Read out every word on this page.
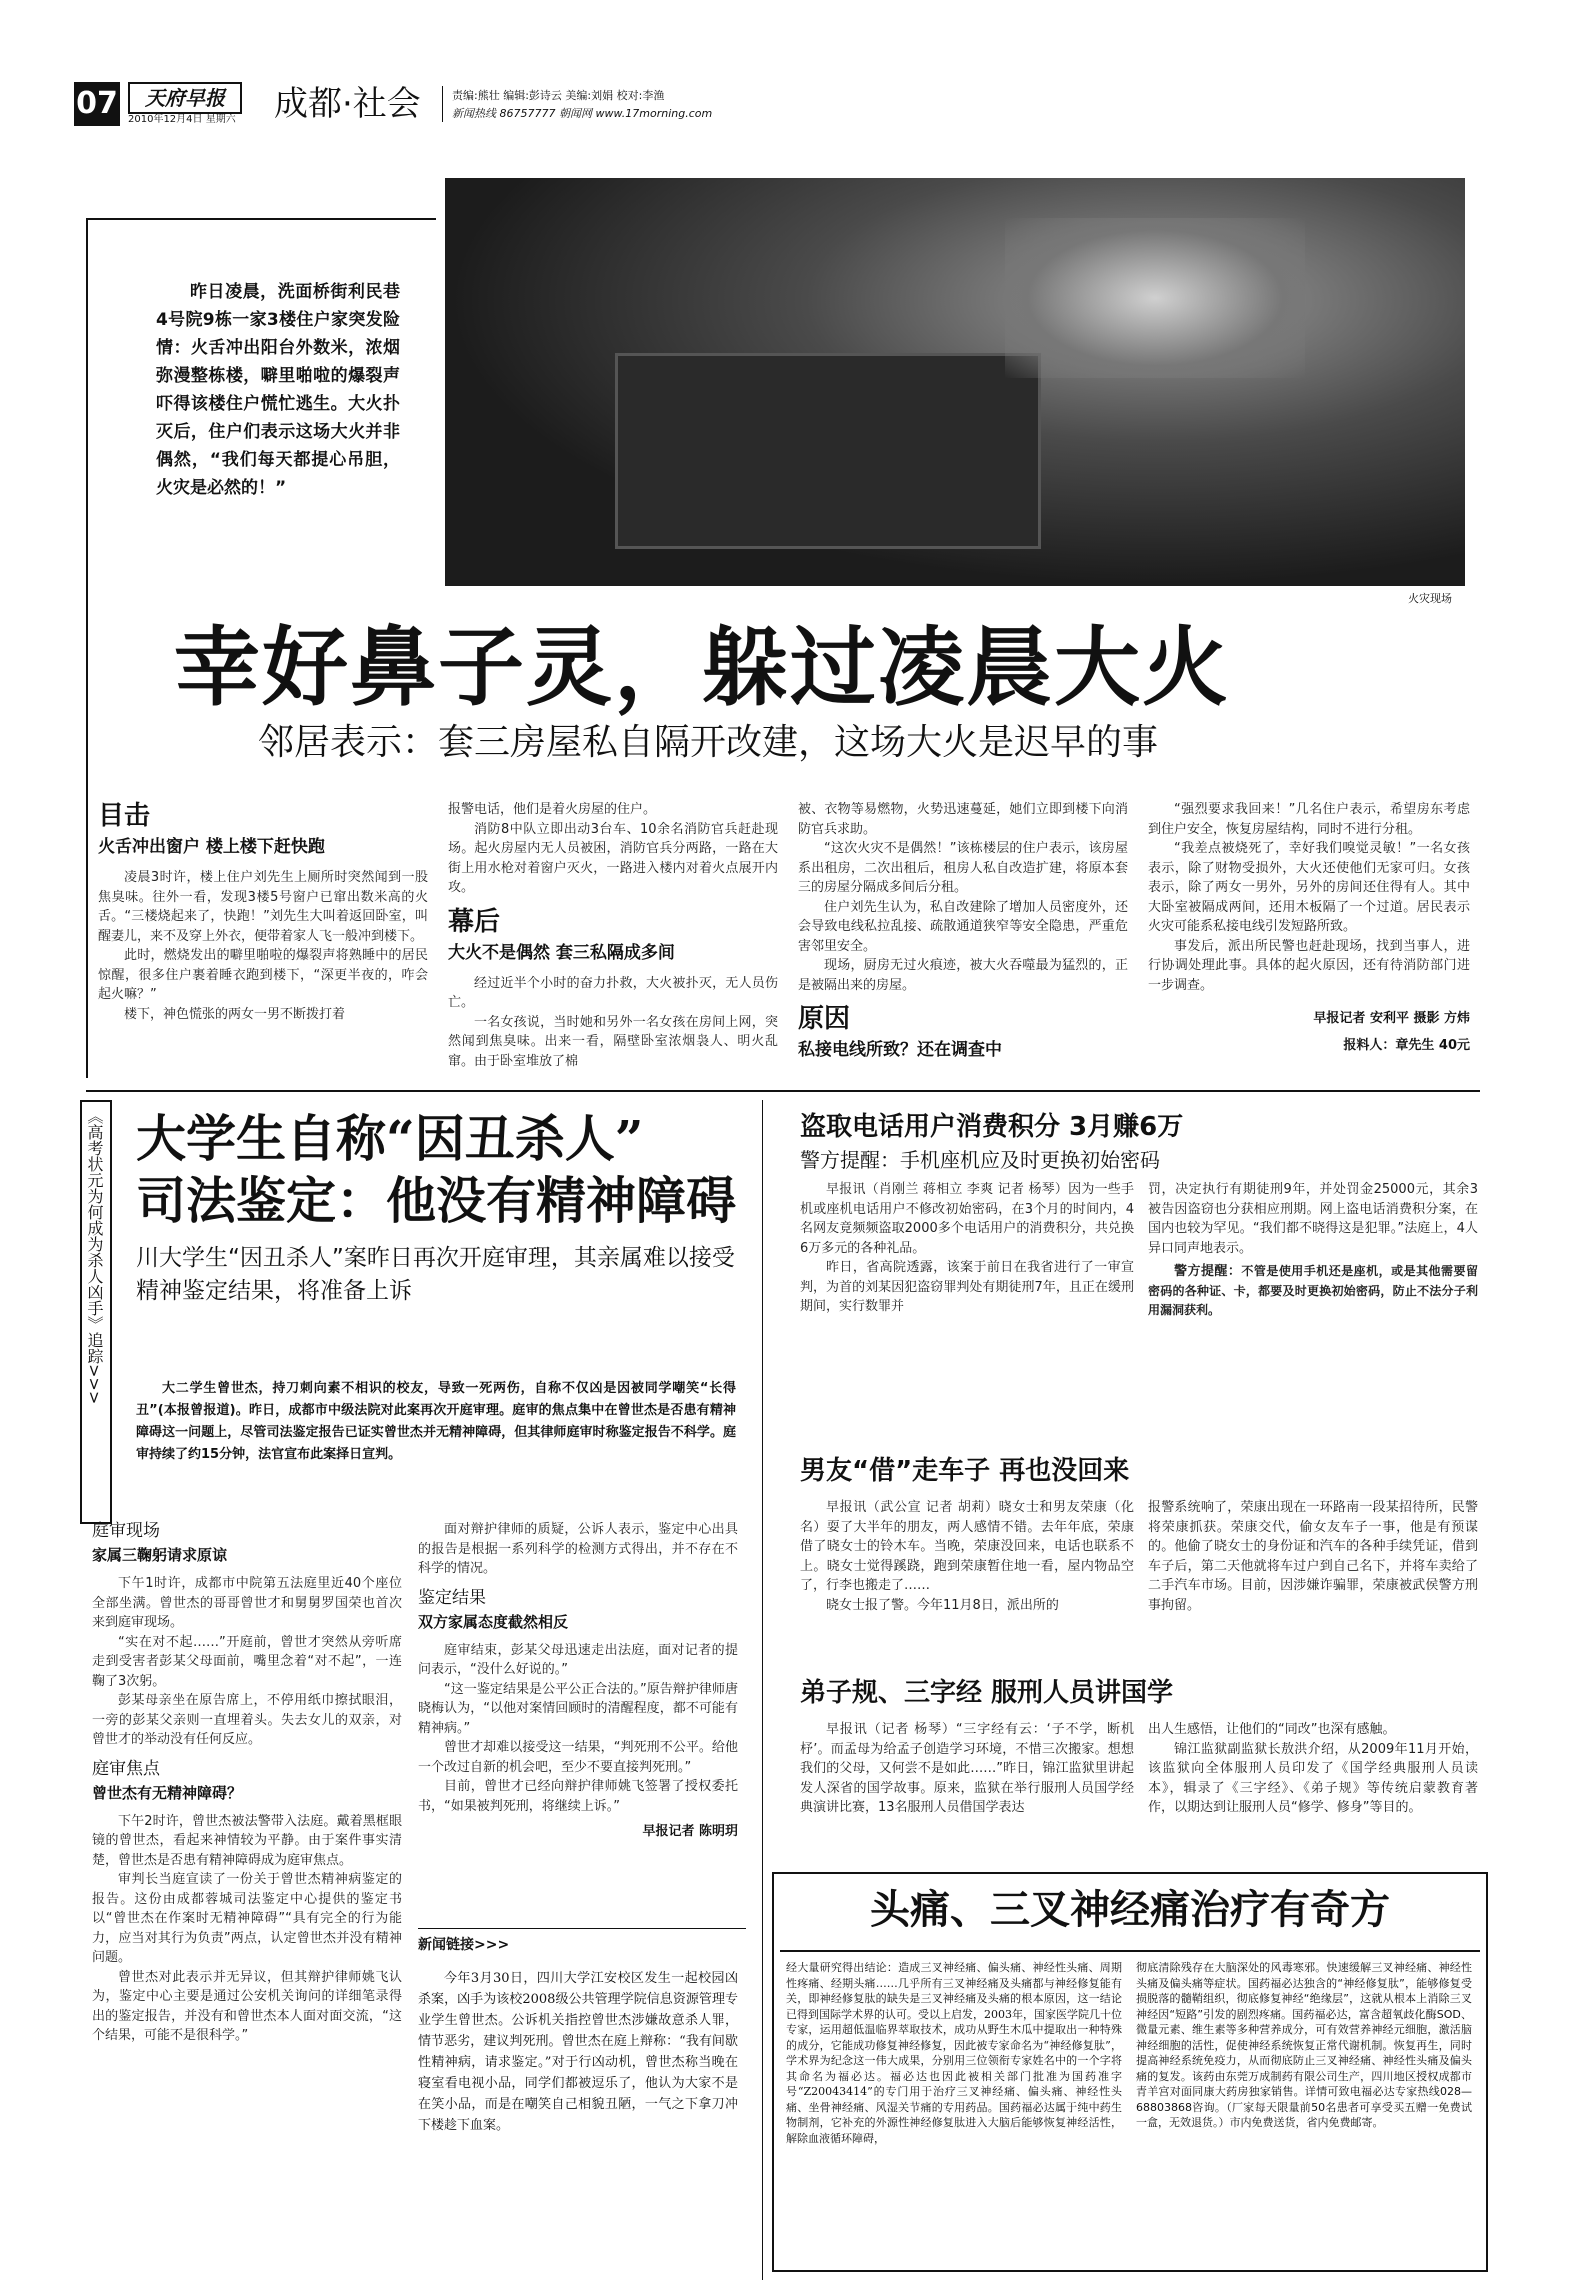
07	天府早报
2010年12月4日 星期六	成都·社会	责编:熊壮 编辑:彭诗云 美编:刘娟 校对:李渔
新闻热线 86757777 朝闻网 www.17morning.com
昨日凌晨，洗面桥街利民巷4号院9栋一家3楼住户家突发险情：火舌冲出阳台外数米，浓烟弥漫整栋楼，噼里啪啦的爆裂声吓得该楼住户慌忙逃生。大火扑灭后，住户们表示这场大火并非偶然，“我们每天都提心吊胆，火灾是必然的！”
火灾现场
幸好鼻子灵，躲过凌晨大火
邻居表示：套三房屋私自隔开改建，这场大火是迟早的事
目击
火舌冲出窗户 楼上楼下赶快跑

凌晨3时许，楼上住户刘先生上厕所时突然闻到一股焦臭味。往外一看，发现3楼5号窗户已窜出数米高的火舌。“三楼烧起来了，快跑！”刘先生大叫着返回卧室，叫醒妻儿，来不及穿上外衣，便带着家人飞一般冲到楼下。

此时，燃烧发出的噼里啪啦的爆裂声将熟睡中的居民惊醒，很多住户裹着睡衣跑到楼下，“深更半夜的，咋会起火嘛？”

楼下，神色慌张的两女一男不断拨打着

报警电话，他们是着火房屋的住户。

消防8中队立即出动3台车、10余名消防官兵赶赴现场。起火房屋内无人员被困，消防官兵分两路，一路在大街上用水枪对着窗户灭火，一路进入楼内对着火点展开内攻。

幕后
大火不是偶然 套三私隔成多间

经过近半个小时的奋力扑救，大火被扑灭，无人员伤亡。

一名女孩说，当时她和另外一名女孩在房间上网，突然闻到焦臭味。出来一看，隔壁卧室浓烟袅人、明火乱窜。由于卧室堆放了棉

被、衣物等易燃物，火势迅速蔓延，她们立即到楼下向消防官兵求助。

“这次火灾不是偶然！”该栋楼层的住户表示，该房屋系出租房，二次出租后，租房人私自改造扩建，将原本套三的房屋分隔成多间后分租。

住户刘先生认为，私自改建除了增加人员密度外，还会导致电线私拉乱接、疏散通道狭窄等安全隐患，严重危害邻里安全。

现场，厨房无过火痕迹，被大火吞噬最为猛烈的，正是被隔出来的房屋。

原因
私接电线所致？还在调查中

“强烈要求我回来！”几名住户表示，希望房东考虑到住户安全，恢复房屋结构，同时不进行分租。

“我差点被烧死了，幸好我们嗅觉灵敏！”一名女孩表示，除了财物受损外，大火还使他们无家可归。女孩表示，除了两女一男外，另外的房间还住得有人。其中大卧室被隔成两间，还用木板隔了一个过道。居民表示火灾可能系私接电线引发短路所致。

事发后，派出所民警也赶赴现场，找到当事人，进行协调处理此事。具体的起火原因，还有待消防部门进一步调查。

早报记者 安利平 摄影 方炜
报料人：章先生 40元
《高考状元为何成为杀人凶手》追踪>>> 大学生自称“因丑杀人”
司法鉴定：他没有精神障碍
川大学生“因丑杀人”案昨日再次开庭审理，其亲属难以接受精神鉴定结果，将准备上诉
大二学生曾世杰，持刀刺向素不相识的校友，导致一死两伤，自称不仅凶是因被同学嘲笑“长得丑”(本报曾报道)。昨日，成都市中级法院对此案再次开庭审理。庭审的焦点集中在曾世杰是否患有精神障碍这一问题上，尽管司法鉴定报告已证实曾世杰并无精神障碍，但其律师庭审时称鉴定报告不科学。庭审持续了约15分钟，法官宣布此案择日宣判。
庭审现场
家属三鞠躬请求原谅

下午1时许，成都市中院第五法庭里近40个座位全部坐满。曾世杰的哥哥曾世才和舅舅罗国荣也首次来到庭审现场。

“实在对不起……”开庭前，曾世才突然从旁听席走到受害者彭某父母面前，嘴里念着“对不起”，一连鞠了3次躬。

彭某母亲坐在原告席上，不停用纸巾擦拭眼泪，一旁的彭某父亲则一直埋着头。失去女儿的双亲，对曾世才的举动没有任何反应。

庭审焦点
曾世杰有无精神障碍？

下午2时许，曾世杰被法警带入法庭。戴着黑框眼镜的曾世杰，看起来神情较为平静。由于案件事实清楚，曾世杰是否患有精神障碍成为庭审焦点。

审判长当庭宣读了一份关于曾世杰精神病鉴定的报告。这份由成都蓉城司法鉴定中心提供的鉴定书以“曾世杰在作案时无精神障碍”“具有完全的行为能力，应当对其行为负责”两点，认定曾世杰并没有精神问题。

曾世杰对此表示并无异议，但其辩护律师姚飞认为，鉴定中心主要是通过公安机关询问的详细笔录得出的鉴定报告，并没有和曾世杰本人面对面交流，“这个结果，可能不是很科学。”

面对辩护律师的质疑，公诉人表示，鉴定中心出具的报告是根据一系列科学的检测方式得出，并不存在不科学的情况。

鉴定结果
双方家属态度截然相反

庭审结束，彭某父母迅速走出法庭，面对记者的提问表示，“没什么好说的。”

“这一鉴定结果是公平公正合法的。”原告辩护律师唐晓梅认为，“以他对案情回顾时的清醒程度，都不可能有精神病。”

曾世才却难以接受这一结果，“判死刑不公平。给他一个改过自新的机会吧，至少不要直接判死刑。”

目前，曾世才已经向辩护律师姚飞签署了授权委托书，“如果被判死刑，将继续上诉。”

早报记者 陈明玥
新闻链接>>>
今年3月30日，四川大学江安校区发生一起校园凶杀案，凶手为该校2008级公共管理学院信息资源管理专业学生曾世杰。公诉机关指控曾世杰涉嫌故意杀人罪，情节恶劣，建议判死刑。曾世杰在庭上辩称：“我有间歇性精神病，请求鉴定。”对于行凶动机，曾世杰称当晚在寝室看电视小品，同学们都被逗乐了，他认为大家不是在笑小品，而是在嘲笑自己相貌丑陋，一气之下拿刀冲下楼趁下血案。
盗取电话用户消费积分 3月赚6万
警方提醒：手机座机应及时更换初始密码

早报讯（肖刚兰 蒋相立 李爽 记者 杨琴）因为一些手机或座机电话用户不修改初始密码，在3个月的时间内，4名网友竟频频盗取2000多个电话用户的消费积分，共兑换6万多元的各种礼品。

昨日，省高院透露，该案于前日在我省进行了一审宣判，为首的刘某因犯盗窃罪判处有期徒刑7年，且正在缓刑期间，实行数罪并

罚，决定执行有期徒刑9年，并处罚金25000元，其余3被告因盗窃也分获相应刑期。网上盗电话消费积分案，在国内也较为罕见。“我们都不晓得这是犯罪。”法庭上，4人异口同声地表示。

警方提醒：不管是使用手机还是座机，或是其他需要留密码的各种证、卡，都要及时更换初始密码，防止不法分子利用漏洞获利。

男友“借”走车子 再也没回来

早报讯（武公宣 记者 胡莉）晓女士和男友荣康（化名）耍了大半年的朋友，两人感情不错。去年年底，荣康借了晓女士的铃木车。当晚，荣康没回来，电话也联系不上。晓女士觉得蹊跷，跑到荣康暂住地一看，屋内物品空了，行李也搬走了……

晓女士报了警。今年11月8日，派出所的

报警系统响了，荣康出现在一环路南一段某招待所，民警将荣康抓获。荣康交代，偷女友车子一事，他是有预谋的。他偷了晓女士的身份证和汽车的各种手续凭证，借到车子后，第二天他就将车过户到自己名下，并将车卖给了二手汽车市场。目前，因涉嫌诈骗罪，荣康被武侯警方刑事拘留。

弟子规、三字经 服刑人员讲国学

早报讯（记者 杨琴）“三字经有云：‘子不学，断机杼’。而孟母为给孟子创造学习环境，不惜三次搬家。想想我们的父母，又何尝不是如此……”昨日，锦江监狱里讲起发人深省的国学故事。原来，监狱在举行服刑人员国学经典演讲比赛，13名服刑人员借国学表达

出人生感悟，让他们的“同改”也深有感触。

锦江监狱副监狱长敖洪介绍，从2009年11月开始，该监狱向全体服刑人员印发了《国学经典服刑人员读本》，辑录了《三字经》、《弟子规》等传统启蒙教育著作，以期达到让服刑人员“修学、修身”等目的。

头痛、三叉神经痛治疗有奇方
经大量研究得出结论：造成三叉神经痛、偏头痛、神经性头痛、周期性疼痛、经期头痛……几乎所有三叉神经痛及头痛都与神经修复能有关，即神经修复肽的缺失是三叉神经痛及头痛的根本原因，这一结论已得到国际学术界的认可。受以上启发，2003年，国家医学院几十位专家，运用超低温临界萃取技术，成功从野生木瓜中提取出一种特殊的成分，它能成功修复神经修复，因此被专家命名为“神经修复肽”，学术界为纪念这一伟大成果，分别用三位领衔专家姓名中的一个字将其命名为福必达。福必达也因此被相关部门批准为国药准字号“Z20043414”的专门用于治疗三叉神经痛、偏头痛、神经性头痛、坐骨神经痛、风湿关节痛的专用药品。国药福必达属于纯中药生物制剂，它补充的外源性神经修复肽进入大脑后能够恢复神经活性，解除血液循环障碍，
彻底清除残存在大脑深处的风毒寒邪。快速缓解三叉神经痛、神经性头痛及偏头痛等症状。国药福必达独含的“神经修复肽”，能够修复受损脱落的髓鞘组织，彻底修复神经“绝缘层”，这就从根本上消除三叉神经因“短路”引发的剧烈疼痛。国药福必达，富含超氧歧化酶SOD、微量元素、维生素等多种营养成分，可有效营养神经元细胞，激活脑神经细胞的活性，促使神经系统恢复正常代谢机制。恢复再生，同时提高神经系统免疫力，从而彻底防止三叉神经痛、神经性头痛及偏头痛的复发。该药由东莞万成制药有限公司生产，四川地区授权成都市青羊宫对面同康大药房独家销售。详情可致电福必达专家热线028—68803868咨询。（厂家每天限量前50名患者可享受买五赠一免费试一盒，无效退货。）市内免费送货，省内免费邮寄。
